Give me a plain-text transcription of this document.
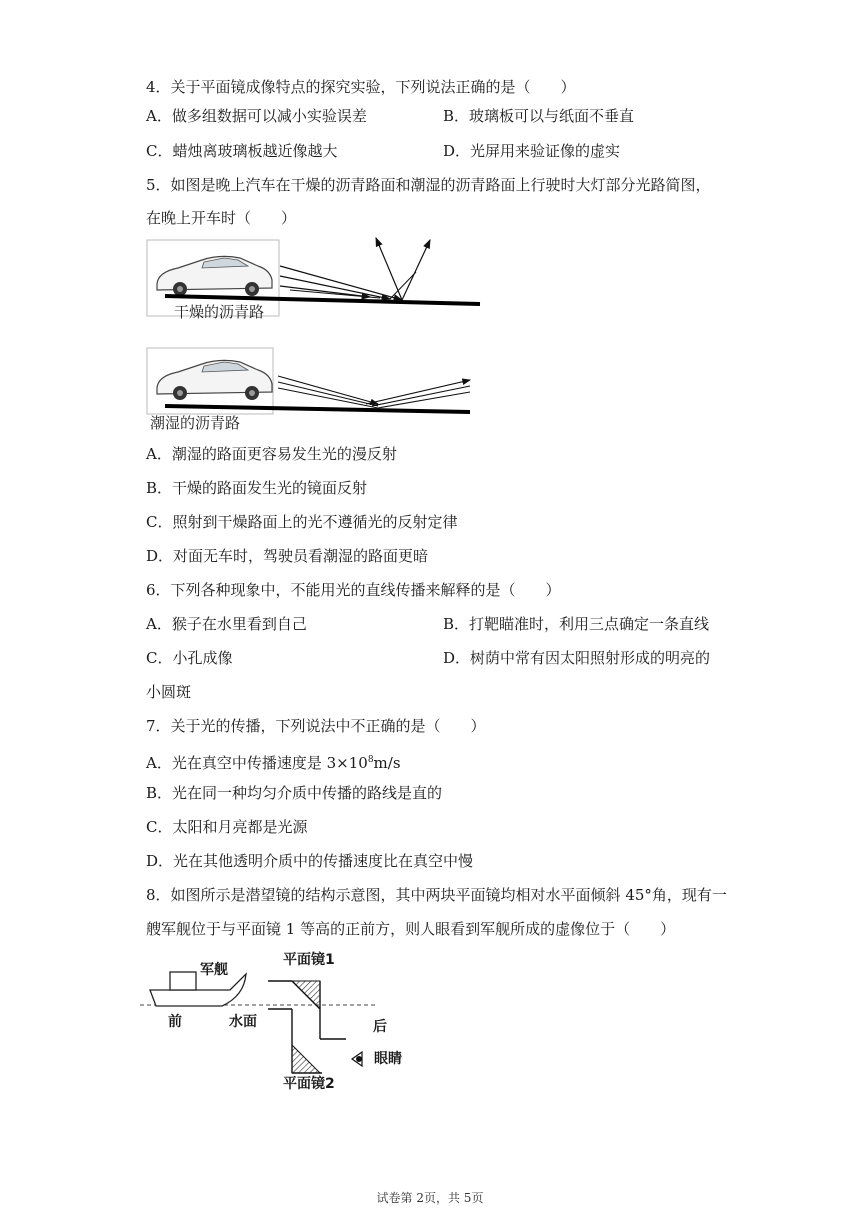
4．关于平面镜成像特点的探究实验，下列说法正确的是（　　）
A．做多组数据可以减小实验误差	B．玻璃板可以与纸面不垂直
C．蜡烛离玻璃板越近像越大	D．光屏用来验证像的虚实
5．如图是晚上汽车在干燥的沥青路面和潮湿的沥青路面上行驶时大灯部分光路简图，
在晚上开车时（　　）
干燥的沥青路
潮湿的沥青路
A．潮湿的路面更容易发生光的漫反射
B．干燥的路面发生光的镜面反射
C．照射到干燥路面上的光不遵循光的反射定律
D．对面无车时，驾驶员看潮湿的路面更暗
6．下列各种现象中，不能用光的直线传播来解释的是（　　）
A．猴子在水里看到自己	B．打靶瞄准时，利用三点确定一条直线
C．小孔成像	D．树荫中常有因太阳照射形成的明亮的
小圆斑
7．关于光的传播，下列说法中不正确的是（　　）
A．光在真空中传播速度是 $3\times 10^8m/s$
B．光在同一种均匀介质中传播的路线是直的
C．太阳和月亮都是光源
D．光在其他透明介质中的传播速度比在真空中慢
8．如图所示是潜望镜的结构示意图，其中两块平面镜均相对水平面倾斜 45°角，现有一
艘军舰位于与平面镜 1 等高的正前方，则人眼看到军舰所成的虚像位于（　　）
军舰
平面镜1
前	水面	后
眼睛
平面镜2
试卷第 2页，共 5页
